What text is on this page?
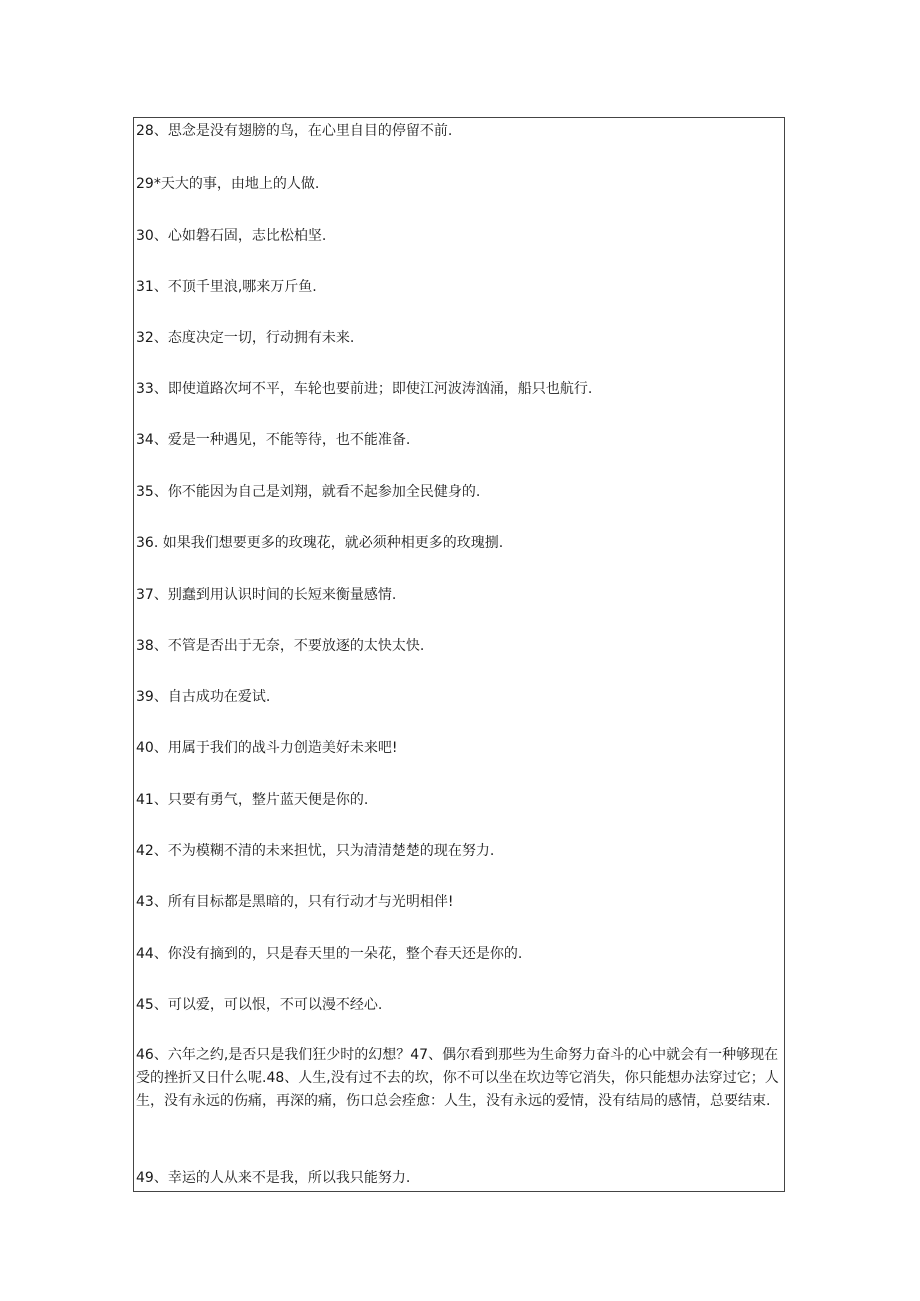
28、思念是没有翅膀的鸟，在心里自目的停留不前.
29*天大的事，由地上的人做.
30、心如磐石固，志比松柏坚.
31、不顶千里浪,哪来万斤鱼.
32、态度决定一切，行动拥有未来.
33、即使道路次坷不平，车轮也要前进；即使江河波涛汹涌，船只也航行.
34、爱是一种遇见，不能等待，也不能准备.
35、你不能因为自己是刘翔，就看不起参加全民健身的.
36. 如果我们想要更多的玫瑰花，就必须种相更多的玫瑰捌.
37、别蠢到用认识时间的长短来衡量感情.
38、不管是否出于无奈，不要放逐的太快太快.
39、自古成功在爱试.
40、用属于我们的战斗力创造美好未来吧!
41、只要有勇气，整片蓝天便是你的.
42、不为模糊不清的未来担忧，只为清清楚楚的现在努力.
43、所有目标都是黑暗的，只有行动才与光明相伴!
44、你没有摘到的，只是春天里的一朵花，整个春天还是你的.
45、可以爱，可以恨，不可以漫不经心.
46、六年之约,是否只是我们狂少时的幻想？47、偶尔看到那些为生命努力奋斗的心中就会有一种够现在受的挫折又日什么呢.48、人生,没有过不去的坎，你不可以坐在坎边等它消失，你只能想办法穿过它；人生，没有永远的伤痛，再深的痛，伤口总会痊愈：人生，没有永远的爱情，没有结局的感情，总要结束.
49、幸运的人从来不是我，所以我只能努力.
